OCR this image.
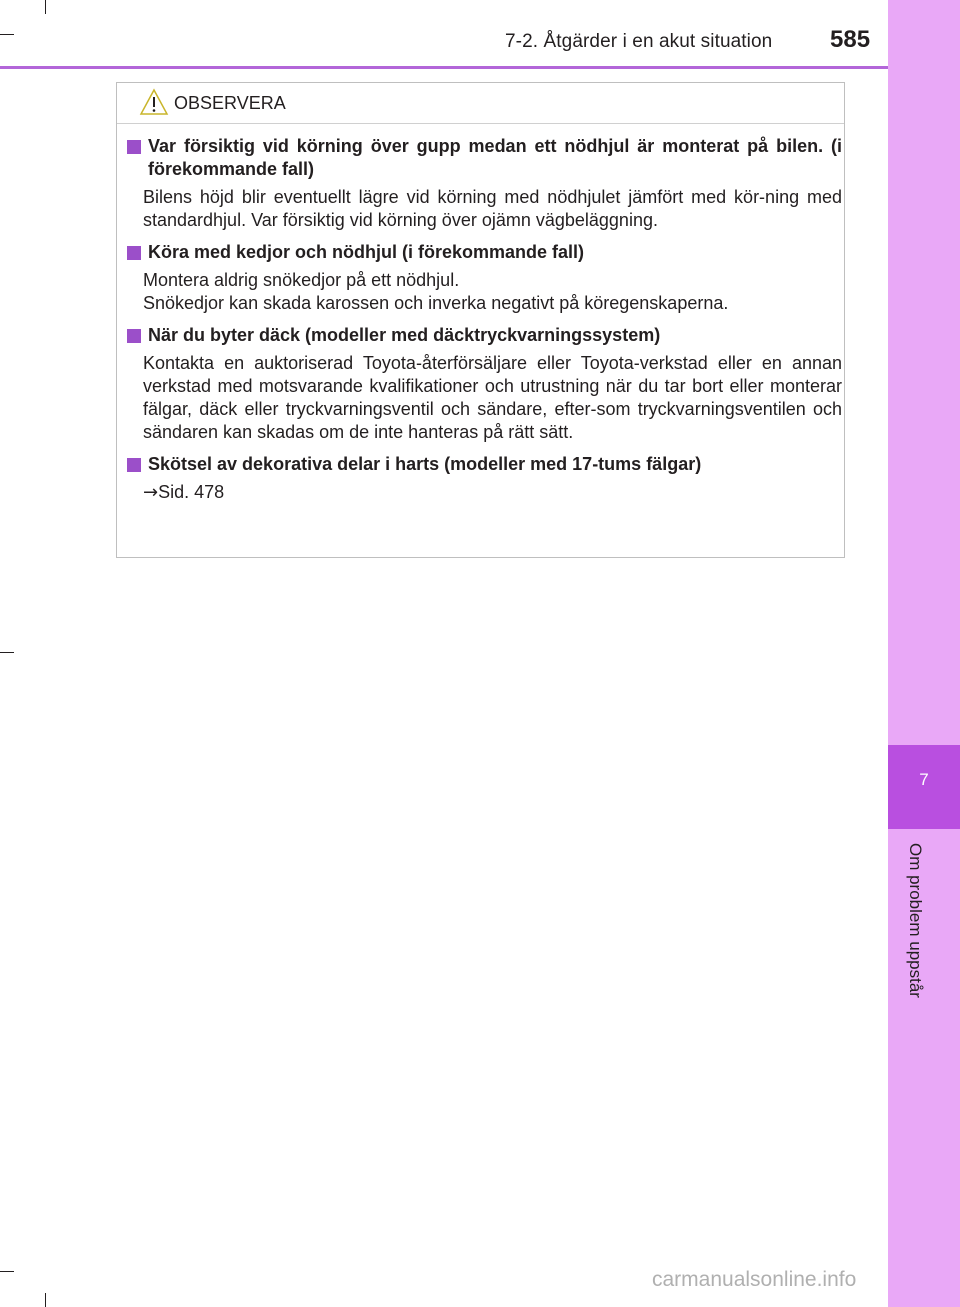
7-2. Åtgärder i en akut situation 585
7
Om problem uppstår
OBSERVERA
Var försiktig vid körning över gupp medan ett nödhjul är monterat på bilen. (i förekommande fall)
Bilens höjd blir eventuellt lägre vid körning med nödhjulet jämfört med kör-ning med standardhjul. Var försiktig vid körning över ojämn vägbeläggning.
Köra med kedjor och nödhjul (i förekommande fall)
Montera aldrig snökedjor på ett nödhjul.
Snökedjor kan skada karossen och inverka negativt på köregenskaperna.
När du byter däck (modeller med däcktryckvarningssystem)
Kontakta en auktoriserad Toyota-återförsäljare eller Toyota-verkstad eller en annan verkstad med motsvarande kvalifikationer och utrustning när du tar bort eller monterar fälgar, däck eller tryckvarningsventil och sändare, efter-som tryckvarningsventilen och sändaren kan skadas om de inte hanteras på rätt sätt.
Skötsel av dekorativa delar i harts (modeller med 17-tums fälgar)
→Sid. 478
carmanualsonline.info
